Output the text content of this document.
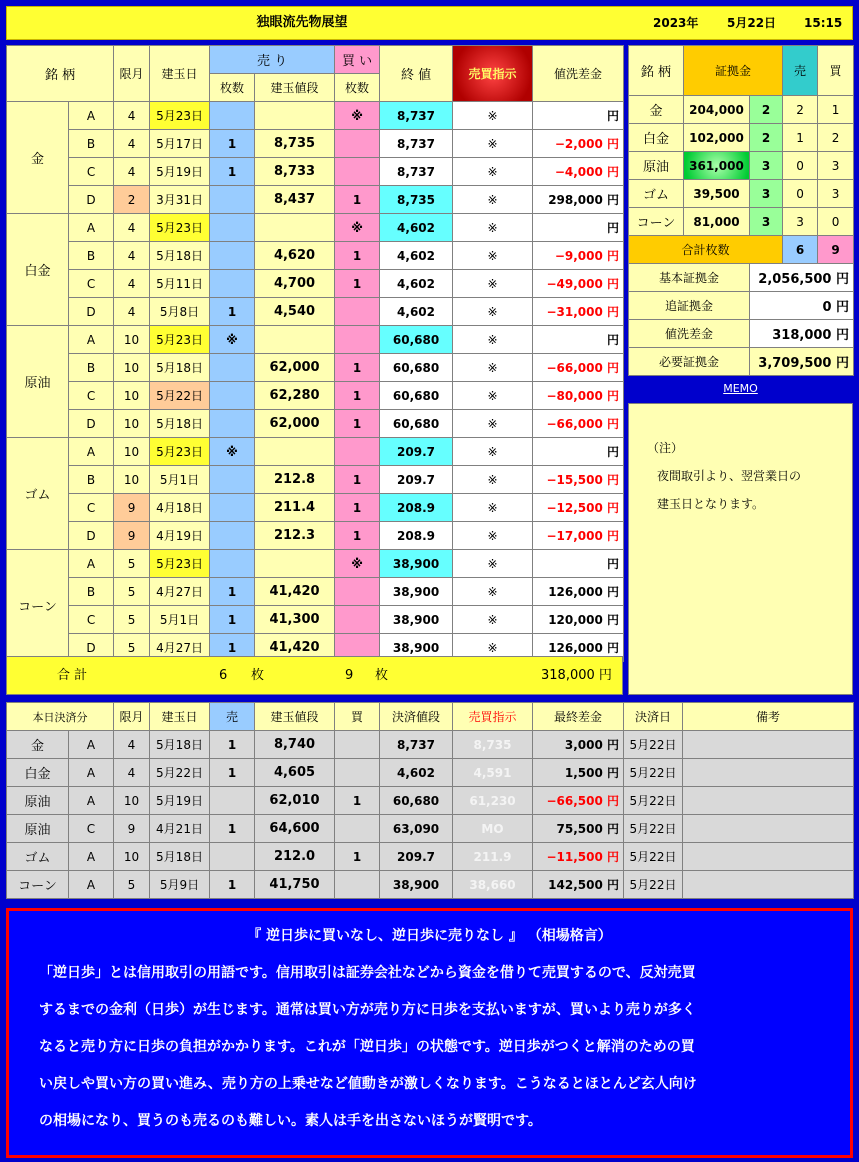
独眼流先物展望	2023年 5月22日 15:15
銘 柄		限月	建玉日	売 り		買 い	終 値	売買指示	値洗差金
				枚数	建玉値段	枚数			
金	A	4	5月23日			※	8,737	※	円
	B	4	5月17日	1	8,735		8,737	※	−2,000 円
	C	4	5月19日	1	8,733		8,737	※	−4,000 円
	D	2	3月31日		8,437	1	8,735	※	298,000 円
白金	A	4	5月23日			※	4,602	※	円
	B	4	5月18日		4,620	1	4,602	※	−9,000 円
	C	4	5月11日		4,700	1	4,602	※	−49,000 円
	D	4	5月8日	1	4,540		4,602	※	−31,000 円
原油	A	10	5月23日	※			60,680	※	円
	B	10	5月18日		62,000	1	60,680	※	−66,000 円
	C	10	5月22日		62,280	1	60,680	※	−80,000 円
	D	10	5月18日		62,000	1	60,680	※	−66,000 円
ゴム	A	10	5月23日	※			209.7	※	円
	B	10	5月1日		212.8	1	209.7	※	−15,500 円
	C	9	4月18日		211.4	1	208.9	※	−12,500 円
	D	9	4月19日		212.3	1	208.9	※	−17,000 円
コーン	A	5	5月23日			※	38,900	※	円
	B	5	4月27日	1	41,420		38,900	※	126,000 円
	C	5	5月1日	1	41,300		38,900	※	120,000 円
	D	5	4月27日	1	41,420		38,900	※	126,000 円
合 計	6 枚	9 枚	318,000 円
銘 柄	証拠金		売	買
金	204,000	2	2	1
白金	102,000	2	1	2
原油	361,000	3	0	3
ゴム	39,500	3	0	3
コーン	81,000	3	3	0
合計枚数			6	9
基本証拠金		2,056,500 円		
追証拠金		0 円		
値洗差金		318,000 円		
必要証拠金		3,709,500 円		
MEMO
（注）
夜間取引より、翌営業日の
建玉日となります。
本日決済分		限月	建玉日	売	建玉値段	買	決済値段	売買指示	最終差金	決済日	備考
金	A	4	5月18日	1	8,740		8,737	8,735	3,000 円	5月22日	
白金	A	4	5月22日	1	4,605		4,602	4,591	1,500 円	5月22日	
原油	A	10	5月19日		62,010	1	60,680	61,230	−66,500 円	5月22日	
原油	C	9	4月21日	1	64,600		63,090	MO	75,500 円	5月22日	
ゴム	A	10	5月18日		212.0	1	209.7	211.9	−11,500 円	5月22日	
コーン	A	5	5月9日	1	41,750		38,900	38,660	142,500 円	5月22日	
『 逆日歩に買いなし、逆日歩に売りなし 』 （相場格言）
「逆日歩」とは信用取引の用語です。信用取引は証券会社などから資金を借りて売買するので、反対売買
するまでの金利（日歩）が生じます。通常は買い方が売り方に日歩を支払いますが、買いより売りが多く
なると売り方に日歩の負担がかかります。これが「逆日歩」の状態です。逆日歩がつくと解消のための買
い戻しや買い方の買い進み、売り方の上乗せなど値動きが激しくなります。こうなるとほとんど玄人向け
の相場になり、買うのも売るのも難しい。素人は手を出さないほうが賢明です。
